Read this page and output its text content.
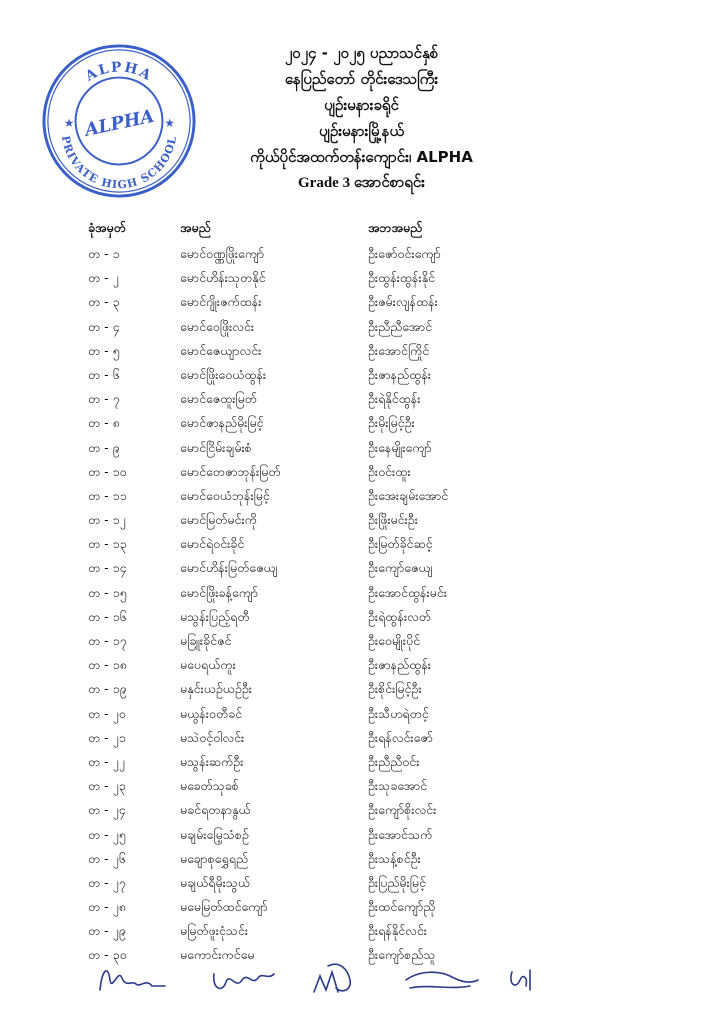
ALPHA
PRIVATE HIGH SCHOOL
★	★
ALPHA
၂၀၂၄ - ၂၀၂၅ ပညာသင်နှစ်
နေပြည်တော် တိုင်းဒေသကြီး
ပျဉ်းမနားခရိုင်
ပျဉ်းမနားမြို့နယ်
ကိုယ်ပိုင်အထက်တန်းကျောင်း၊ ALPHA
Grade 3 အောင်စာရင်း
ခုံအမှတ်	အမည်	အဘအမည်
တ - ၁	မောင်ဝဏ္ဏဖြိုးကျော်	ဦးဇော်ဝင်းကျော်
တ - ၂	မောင်ဟိန်းသုတနိုင်	ဦးထွန်းထွန်းနိုင်
တ - ၃	မောင်ဂျိုးဇက်ထန်း	ဦးဇမ်းလျန်ထန်း
တ - ၄	မောင်ဝေဖြိုးလင်း	ဦးညီညီအောင်
တ - ၅	မောင်ဇေယျာလင်း	ဦးအောင်ကြိုင်
တ - ၆	မောင်ဖြိုးဝေယံထွန်း	ဦးဇာနည်ထွန်း
တ - ၇	မောင်ဇေထူးမြတ်	ဦးရဲနိုင်ထွန်း
တ - ၈	မောင်ဇာနည်မိုးမြင့်	ဦးမိုးမြင့်ဦး
တ - ၉	မောင်ငြိမ်းချမ်းစံ	ဦးနေမျိုးကျော်
တ - ၁၀	မောင်တေဇာဘုန်းမြတ်	ဦးဝင်းထူး
တ - ၁၁	မောင်ဝေယံဘုန်းမြင့်	ဦးအေးချမ်းအောင်
တ - ၁၂	မောင်မြတ်မင်းကို	ဦးဖြိုးမင်းဦး
တ - ၁၃	မောင်ရဲဝင်းခိုင်	ဦးမြတ်ခိုင်ဆင့်
တ - ၁၄	မောင်ဟိန်းမြတ်ဇေယျ	ဦးကျော်ဇေယျ
တ - ၁၅	မောင်ဖြိုးခန့်ကျော်	ဦးအောင်ထွန်းမင်း
တ - ၁၆	မသွန်းပြည့်ရတီ	ဦးရဲထွန်းလတ်
တ - ၁၇	မခြူးခိုင်ဇင်	ဦးဝေမျိုးပိုင်
တ - ၁၈	မပေရယ်ကူး	ဦးဇာနည်ထွန်း
တ - ၁၉	မနှင်းယဉ်ယဉ်ဦး	ဦးစိုင်းမြင့်ဦး
တ - ၂၀	မယွန်းဝတီခင်	ဦးသီဟရဲတင့်
တ - ၂၁	မသဲဝင့်ဝါလင်း	ဦးရန်လင်းဇော်
တ - ၂၂	မသွန်းဆက်ဦး	ဦးညီညီဝင်း
တ - ၂၃	မခေတ်သုခစ်	ဦးသုခအောင်
တ - ၂၄	မခင်ရတနာနွယ်	ဦးကျော်စိုးလင်း
တ - ၂၅	မချမ်းမြေ့သံစဉ်	ဦးအောင်သက်
တ - ၂၆	မချောစုရွှေရည်	ဦးသန့်စင်ဦး
တ - ၂၇	မချယ်ရီမိုးသွယ်	ဦးပြည်မိုးမြင့်
တ - ၂၈	မမေမြတ်ထင်ကျော်	ဦးထင်ကျော်ညို
တ - ၂၉	မမြတ်ဖူးငုံသင်း	ဦးရန်နိုင်လင်း
တ - ၃၀	မကောင်းကင်မေ	ဦးကျော်စည်သူ
